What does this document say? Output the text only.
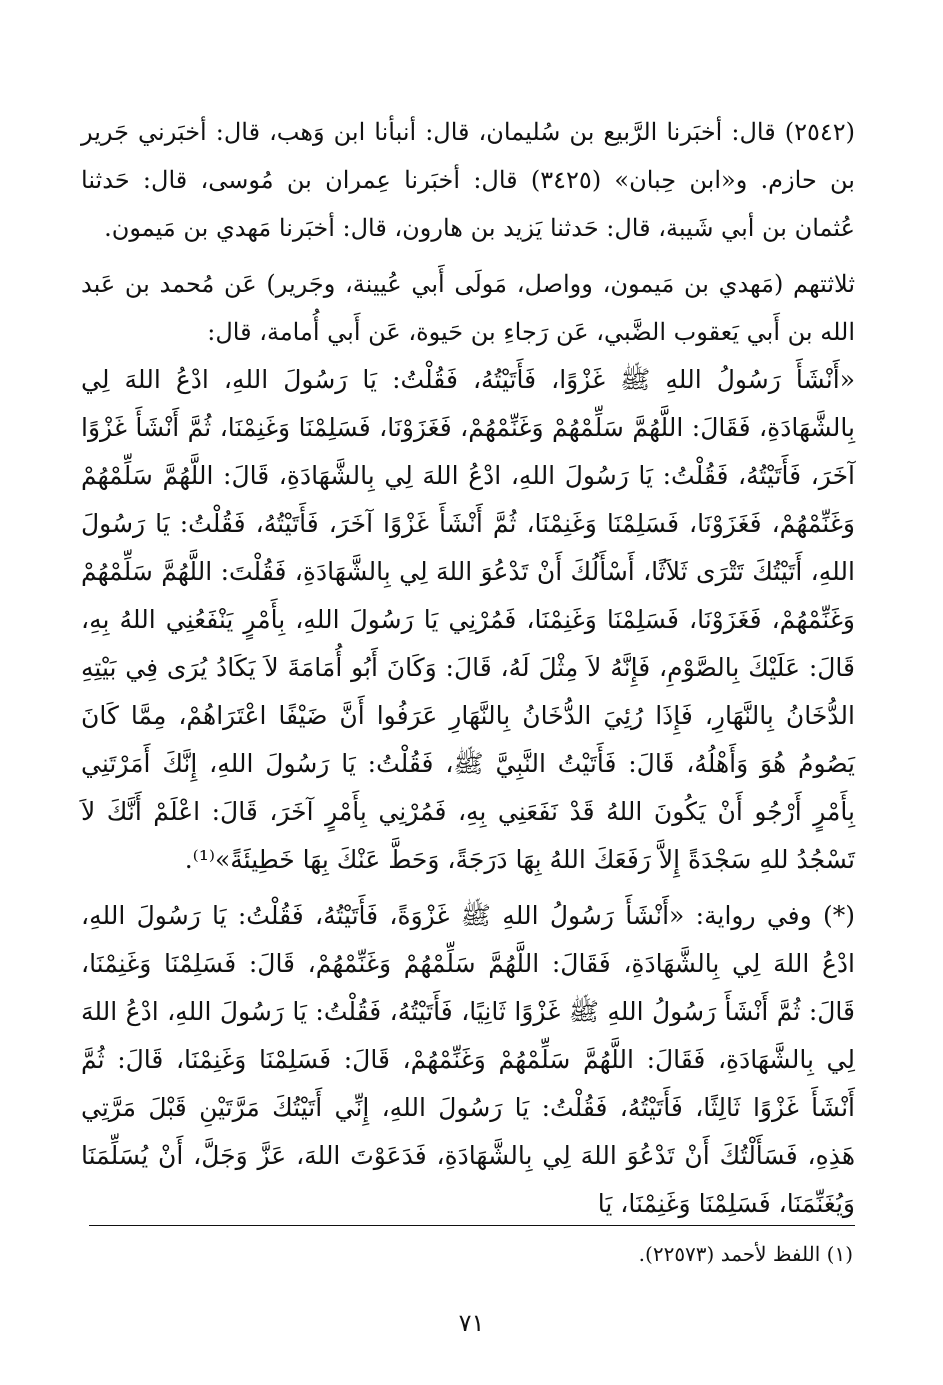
(٢٥٤٢) قال: أخبَرنا الرَّبيع بن سُليمان، قال: أنبأنا ابن وَهب، قال: أخبَرني جَرير بن حازم. و«ابن حِبان» (٣٤٢٥) قال: أخبَرنا عِمران بن مُوسى، قال: حَدثنا عُثمان بن أبي شَيبة، قال: حَدثنا يَزيد بن هارون، قال: أخبَرنا مَهدي بن مَيمون.

ثلاثتهم (مَهدي بن مَيمون، وواصل، مَولَى أَبي عُيينة، وجَرير) عَن مُحمد بن عَبد الله بن أَبي يَعقوب الضَّبي، عَن رَجاءِ بن حَيوة، عَن أَبي أُمامة، قال:

«أَنْشَأَ رَسُولُ اللهِ ﷺ غَزْوًا، فَأَتَيْتُهُ، فَقُلْتُ: يَا رَسُولَ اللهِ، ادْعُ اللهَ لِي بِالشَّهَادَةِ، فَقَالَ: اللَّهُمَّ سَلِّمْهُمْ وَغَنِّمْهُمْ، فَغَزَوْنَا، فَسَلِمْنَا وَغَنِمْنَا، ثُمَّ أَنْشَأَ غَزْوًا آخَرَ، فَأَتَيْتُهُ، فَقُلْتُ: يَا رَسُولَ اللهِ، ادْعُ اللهَ لِي بِالشَّهَادَةِ، قَالَ: اللَّهُمَّ سَلِّمْهُمْ وَغَنِّمْهُمْ، فَغَزَوْنَا، فَسَلِمْنَا وَغَنِمْنَا، ثُمَّ أَنْشَأَ غَزْوًا آخَرَ، فَأَتَيْتُهُ، فَقُلْتُ: يَا رَسُولَ اللهِ، أَتَيْتُكَ تَتْرَى ثَلاَثًا، أَسْأَلُكَ أَنْ تَدْعُوَ اللهَ لِي بِالشَّهَادَةِ، فَقُلْتَ: اللَّهُمَّ سَلِّمْهُمْ وَغَنِّمْهُمْ، فَغَزَوْنَا، فَسَلِمْنَا وَغَنِمْنَا، فَمُرْنِي يَا رَسُولَ اللهِ، بِأَمْرٍ يَنْفَعُنِي اللهُ بِهِ، قَالَ: عَلَيْكَ بِالصَّوْمِ، فَإِنَّهُ لاَ مِثْلَ لَهُ، قَالَ: وَكَانَ أَبُو أُمَامَةَ لاَ يَكَادُ يُرَى فِي بَيْتِهِ الدُّخَانُ بِالنَّهَارِ، فَإِذَا رُئِيَ الدُّخَانُ بِالنَّهَارِ عَرَفُوا أَنَّ ضَيْفًا اعْتَرَاهُمْ، مِمَّا كَانَ يَصُومُ هُوَ وَأَهْلُهُ، قَالَ: فَأَتَيْتُ النَّبِيَّ ﷺ، فَقُلْتُ: يَا رَسُولَ اللهِ، إِنَّكَ أَمَرْتَنِي بِأَمْرٍ أَرْجُو أَنْ يَكُونَ اللهُ قَدْ نَفَعَنِي بِهِ، فَمُرْنِي بِأَمْرٍ آخَرَ، قَالَ: اعْلَمْ أَنَّكَ لاَ تَسْجُدُ للهِ سَجْدَةً إِلاَّ رَفَعَكَ اللهُ بِهَا دَرَجَةً، وَحَطَّ عَنْكَ بِهَا خَطِيئَةً»⁽¹⁾.

(*) وفي رواية: «أَنْشَأَ رَسُولُ اللهِ ﷺ غَزْوَةً، فَأَتَيْتُهُ، فَقُلْتُ: يَا رَسُولَ اللهِ، ادْعُ اللهَ لِي بِالشَّهَادَةِ، فَقَالَ: اللَّهُمَّ سَلِّمْهُمْ وَغَنِّمْهُمْ، قَالَ: فَسَلِمْنَا وَغَنِمْنَا، قَالَ: ثُمَّ أَنْشَأَ رَسُولُ اللهِ ﷺ غَزْوًا ثَانِيًا، فَأَتَيْتُهُ، فَقُلْتُ: يَا رَسُولَ اللهِ، ادْعُ اللهَ لِي بِالشَّهَادَةِ، فَقَالَ: اللَّهُمَّ سَلِّمْهُمْ وَغَنِّمْهُمْ، قَالَ: فَسَلِمْنَا وَغَنِمْنَا، قَالَ: ثُمَّ أَنْشَأَ غَزْوًا ثَالِثًا، فَأَتَيْتُهُ، فَقُلْتُ: يَا رَسُولَ اللهِ، إِنِّي أَتَيْتُكَ مَرَّتَيْنِ قَبْلَ مَرَّتِي هَذِهِ، فَسَأَلْتُكَ أَنْ تَدْعُوَ اللهَ لِي بِالشَّهَادَةِ، فَدَعَوْتَ اللهَ، عَزَّ وَجَلَّ، أَنْ يُسَلِّمَنَا وَيُغَنِّمَنَا، فَسَلِمْنَا وَغَنِمْنَا، يَا

(١) اللفظ لأحمد (٢٢٥٧٣).
٧١
